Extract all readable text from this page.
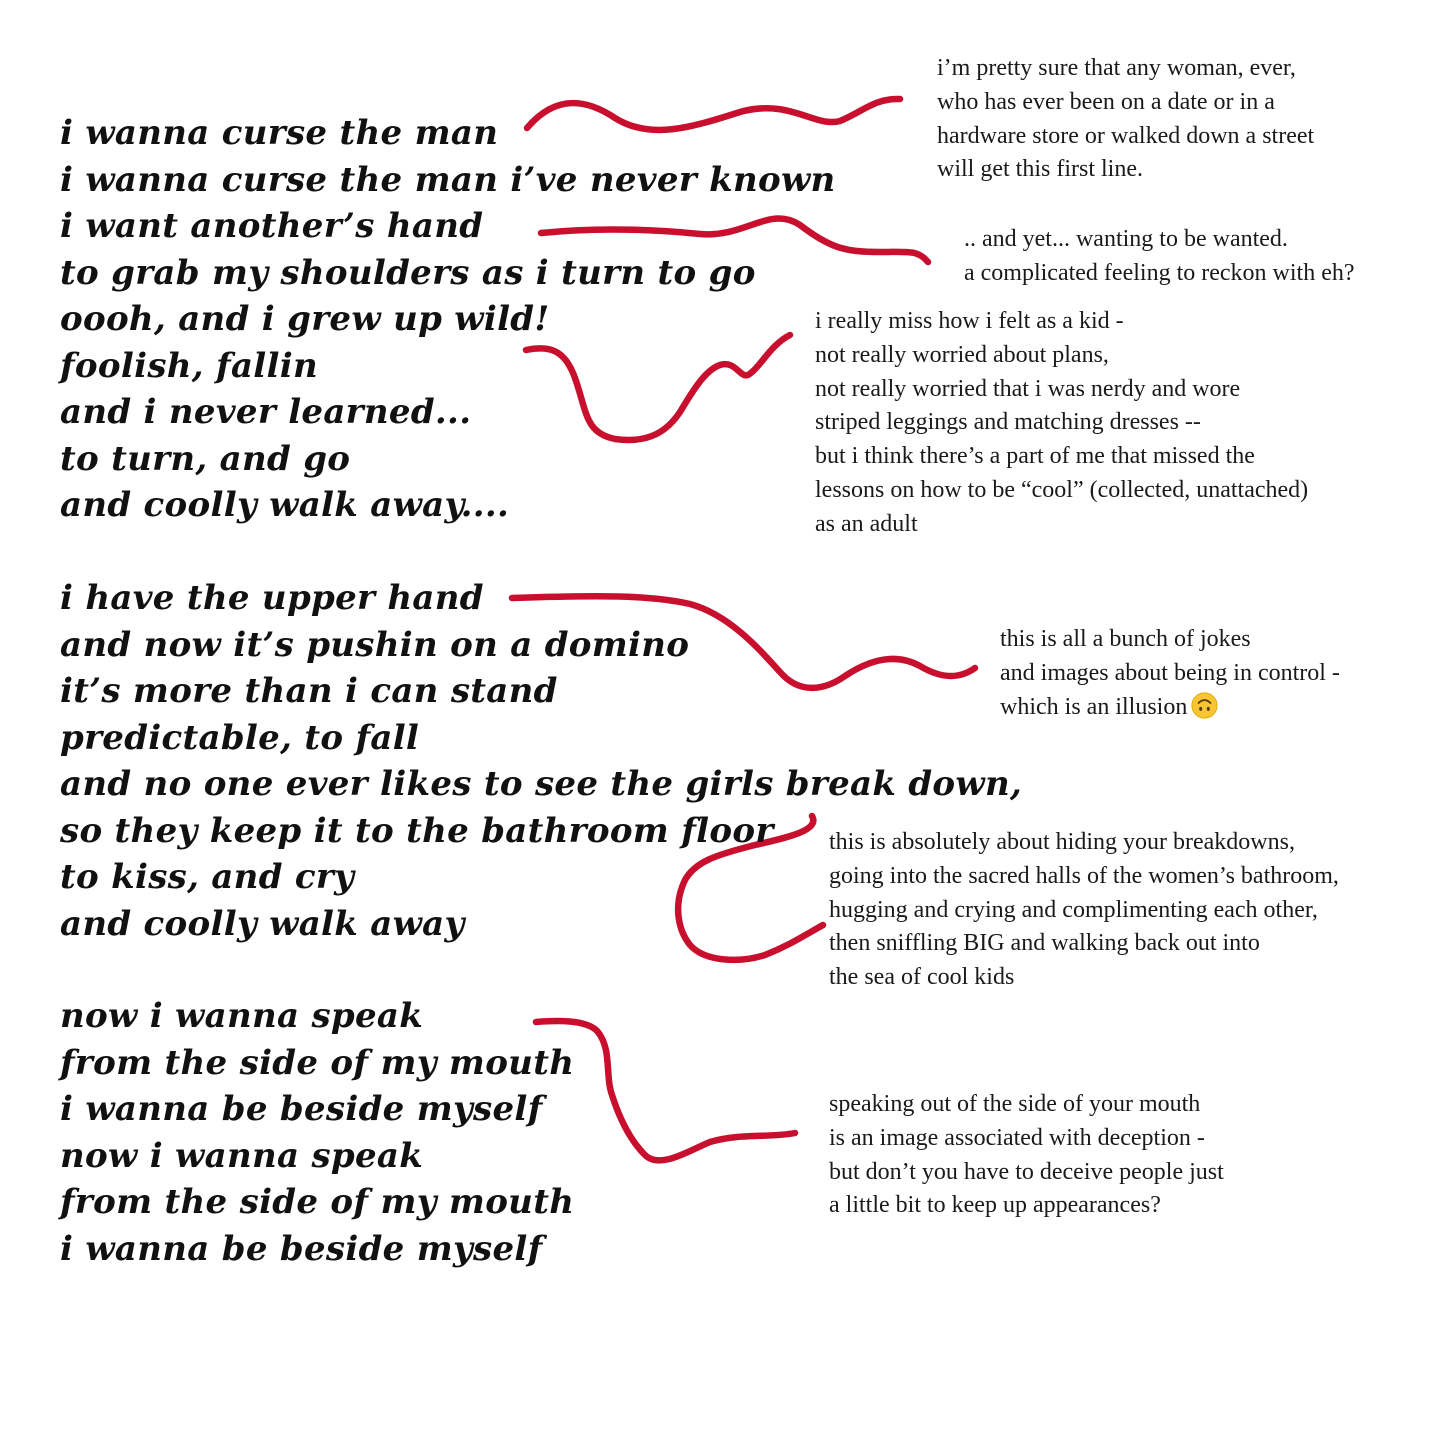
i wanna curse the man
i wanna curse the man i’ve never known
i want another’s hand
to grab my shoulders as i turn to go
oooh, and i grew up wild!
foolish, fallin
and i never learned...
to turn, and go
and coolly walk away....
i have the upper hand
and now it’s pushin on a domino
it’s more than i can stand
predictable, to fall
and no one ever likes to see the girls break down,
so they keep it to the bathroom floor
to kiss, and cry
and coolly walk away
now i wanna speak
from the side of my mouth
i wanna be beside myself
now i wanna speak
from the side of my mouth
i wanna be beside myself
i’m pretty sure that any woman, ever,
who has ever been on a date or in a
hardware store or walked down a street
will get this first line.
.. and yet... wanting to be wanted.
a complicated feeling to reckon with eh?
i really miss how i felt as a kid -
not really worried about plans,
not really worried that i was nerdy and wore
striped leggings and matching dresses --
but i think there’s a part of me that missed the
lessons on how to be “cool” (collected, unattached)
as an adult
this is all a bunch of jokes
and images about being in control -
which is an illusion
this is absolutely about hiding your breakdowns,
going into the sacred halls of the women’s bathroom,
hugging and crying and complimenting each other,
then sniffling BIG and walking back out into
the sea of cool kids
speaking out of the side of your mouth
is an image associated with deception -
but don’t you have to deceive people just
a little bit to keep up appearances?
